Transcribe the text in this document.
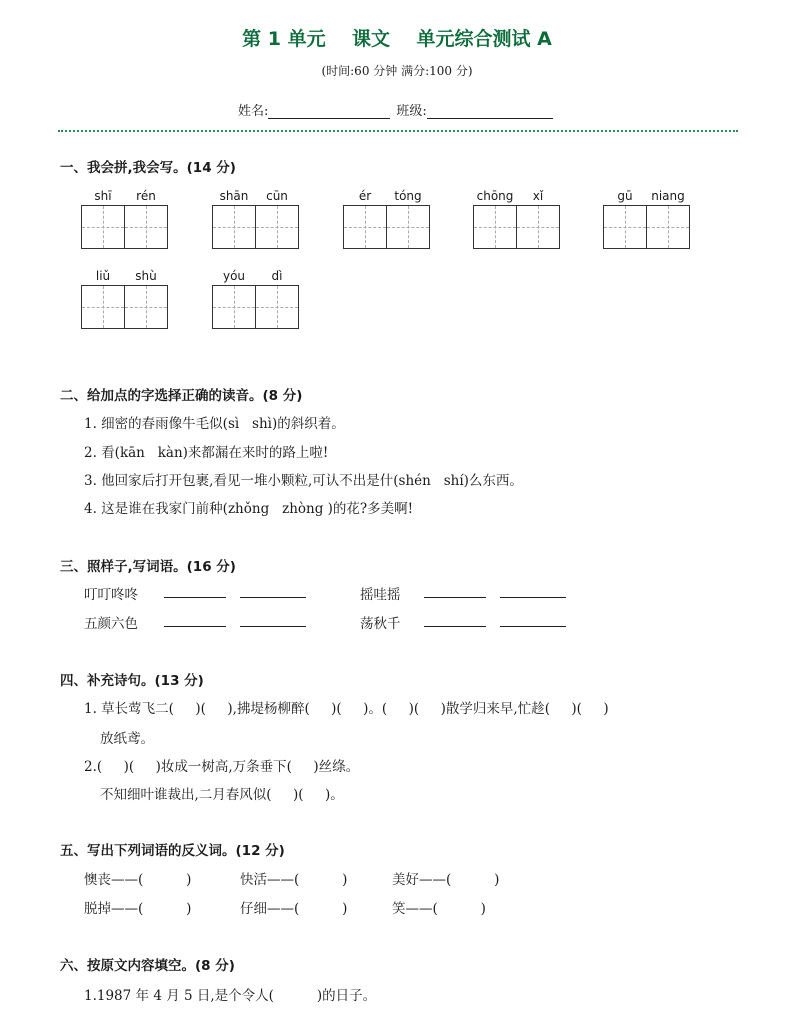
第 1 单元    课文    单元综合测试 A
(时间:60 分钟 满分:100 分)
姓名:	班级:
一、我会拼,我会写。(14 分)
shī	rén	shān	cūn	ér	tóng	chōng	xǐ	gū	niang
liǔ	shù	yóu	dì
二、给加点的字选择正确的读音。(8 分)
1. 细密的春雨像牛毛似(sì   shì)的斜织着。
2. 看(kān   kàn)来都漏在来时的路上啦!
3. 他回家后打开包裹,看见一堆小颗粒,可认不出是什(shén   shí)么东西。
4. 这是谁在我家门前种(zhǒng   zhòng )的花?多美啊!
三、照样子,写词语。(16 分)
叮叮咚咚	摇哇摇
五颜六色	荡秋千
四、补充诗句。(13 分)
1. 草长莺飞二(     )(     ),拂堤杨柳醉(     )(     )。(     )(     )散学归来早,忙趁(     )(     )
放纸鸢。
2.(     )(     )妆成一树高,万条垂下(     )丝绦。
不知细叶谁裁出,二月春风似(     )(     )。
五、写出下列词语的反义词。(12 分)
懊丧——(          )	快活——(          )	美好——(          )
脱掉——(          )	仔细——(          )	笑——(          )
六、按原文内容填空。(8 分)
1.1987 年 4 月 5 日,是个令人(          )的日子。
